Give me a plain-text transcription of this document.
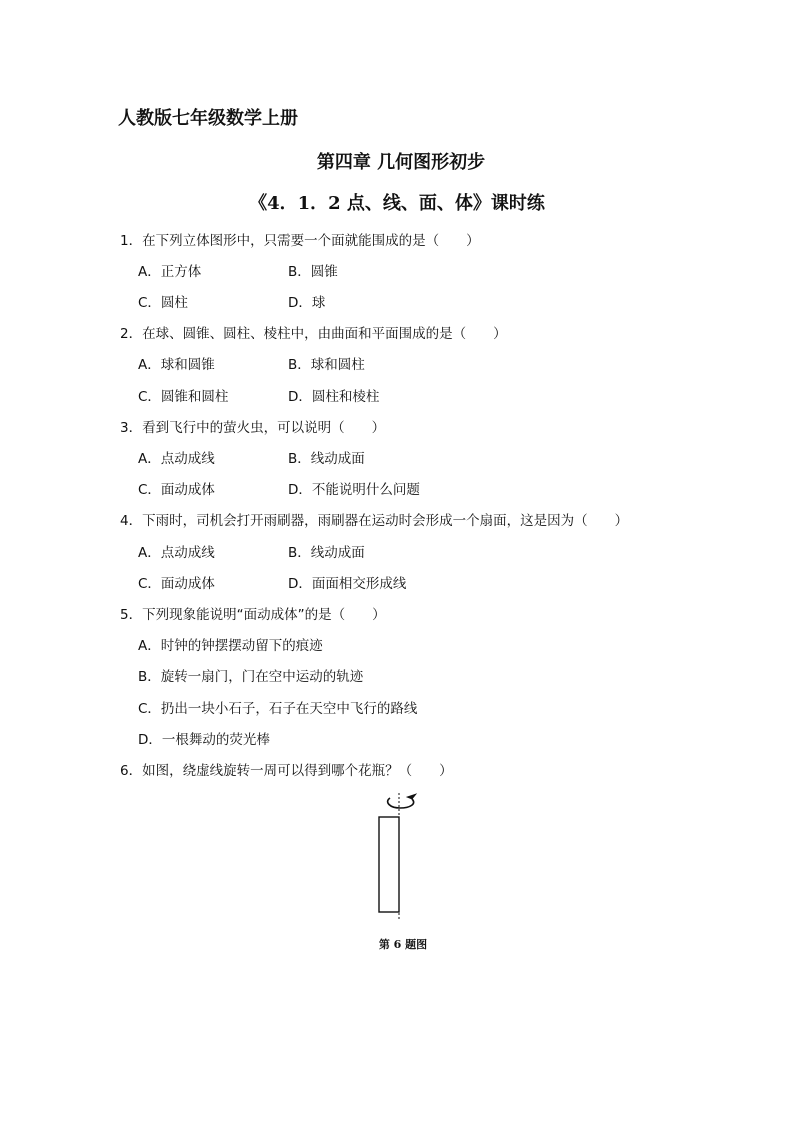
人教版七年级数学上册
第四章 几何图形初步
《4．1．2 点、线、面、体》课时练
1．在下列立体图形中，只需要一个面就能围成的是（　　）
A．正方体	B．圆锥
C．圆柱	D．球
2．在球、圆锥、圆柱、棱柱中，由曲面和平面围成的是（　　）
A．球和圆锥	B．球和圆柱
C．圆锥和圆柱	D．圆柱和棱柱
3．看到飞行中的萤火虫，可以说明（　　）
A．点动成线	B．线动成面
C．面动成体	D．不能说明什么问题
4．下雨时，司机会打开雨刷器，雨刷器在运动时会形成一个扇面，这是因为（　　）
A．点动成线	B．线动成面
C．面动成体	D．面面相交形成线
5．下列现象能说明“面动成体”的是（　　）
A．时钟的钟摆摆动留下的痕迹
B．旋转一扇门，门在空中运动的轨迹
C．扔出一块小石子，石子在天空中飞行的路线
D．一根舞动的荧光棒
6．如图，绕虚线旋转一周可以得到哪个花瓶？（　　）
第 6 题图
